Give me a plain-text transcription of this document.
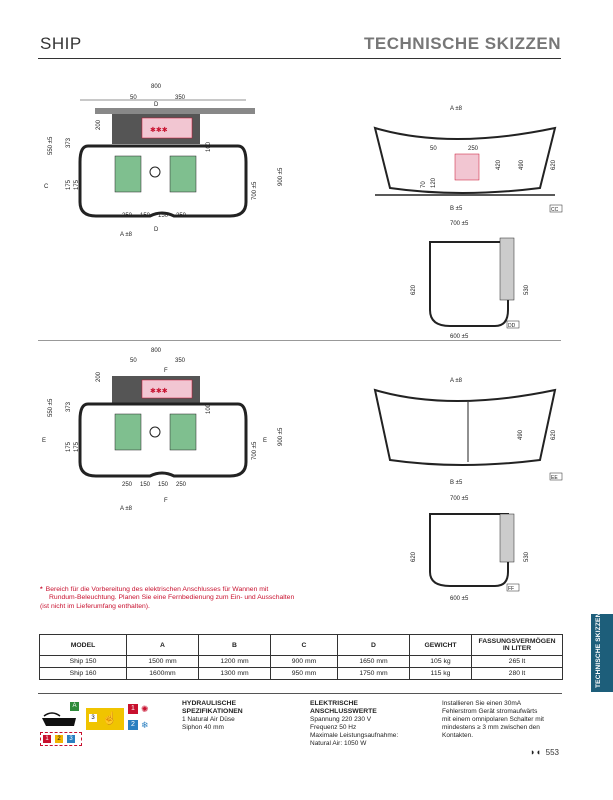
SHIP	TECHNISCHE SKIZZEN
✱✱✱
800
50	350
D
D
C
550 ±5 373
200
175 175
100
700 ±5
900 ±5
250 150 150 250
A ±8
A ±8
50	250
420	490	620
70 120
B ±5	CC
700 ±5
620	530
600 ±5
DD
✱✱✱
800
50	350
200
373
550 ±5
175 175
100
700 ±5
900 ±5
E	E
F
F
250 150 150 250
A ±8
A ±8
490	620
B ±5
EE
700 ±5
620	530
600 ±5
FF
TECHNISCHE SKIZZEN
* Bereich für die Vorbereitung des elektrischen Anschlusses für Wannen mit
Rundum-Beleuchtung. Planen Sie eine Fernbedienung zum Ein- und Ausschalten
(ist nicht im Lieferumfang enthalten).
MODEL	A	B	C	D	GEWICHT	FASSUNGSVERMÖGEN IN LITER
Ship 150	1500 mm	1200 mm	900 mm	1650 mm	105 kg	265 lt
Ship 160	1600mm	1300 mm	950 mm	1750 mm	115 kg	280 lt
A
1	2	3
3 ☝
1 ✺
2 ❄
HYDRAULISCHE
SPEZIFIKATIONEN
1 Natural Air Düse
Siphon 40 mm
ELEKTRISCHE
ANSCHLUSSWERTE
Spannung 220 230 V
Frequenz 50 Hz
Maximale Leistungsaufnahme:
Natural Air: 1050 W
Installieren Sie einen 30mA
Fehlerstrom Gerät stromaufwärts
mit einem omnipolaren Schalter mit
mindestens ≥ 3 mm zwischen den
Kontakten.
◗◖ 553
